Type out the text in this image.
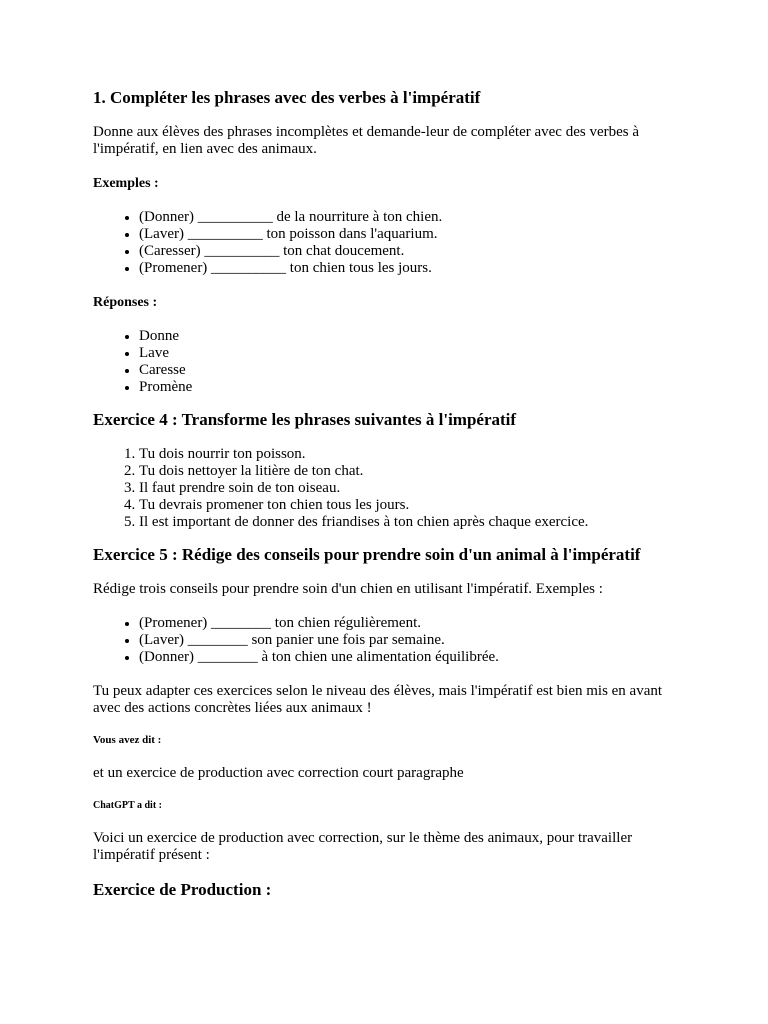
1. Compléter les phrases avec des verbes à l'impératif

Donne aux élèves des phrases incomplètes et demande-leur de compléter avec des verbes à l'impératif, en lien avec des animaux.

Exemples :

• (Donner) __________ de la nourriture à ton chien.
• (Laver) __________ ton poisson dans l'aquarium.
• (Caresser) __________ ton chat doucement.
• (Promener) __________ ton chien tous les jours.

Réponses :

• Donne
• Lave
• Caresse
• Promène
Exercice 4 : Transforme les phrases suivantes à l'impératif
1. Tu dois nourrir ton poisson.
2. Tu dois nettoyer la litière de ton chat.
3. Il faut prendre soin de ton oiseau.
4. Tu devrais promener ton chien tous les jours.
5. Il est important de donner des friandises à ton chien après chaque exercice.
Exercice 5 : Rédige des conseils pour prendre soin d'un animal à l'impératif

Rédige trois conseils pour prendre soin d'un chien en utilisant l'impératif. Exemples :

• (Promener) ________ ton chien régulièrement.
• (Laver) ________ son panier une fois par semaine.
• (Donner) ________ à ton chien une alimentation équilibrée.

Tu peux adapter ces exercices selon le niveau des élèves, mais l'impératif est bien mis en avant avec des actions concrètes liées aux animaux !

Vous avez dit :

et un exercice de production avec correction court paragraphe

ChatGPT a dit :

Voici un exercice de production avec correction, sur le thème des animaux, pour travailler l'impératif présent :

Exercice de Production :
